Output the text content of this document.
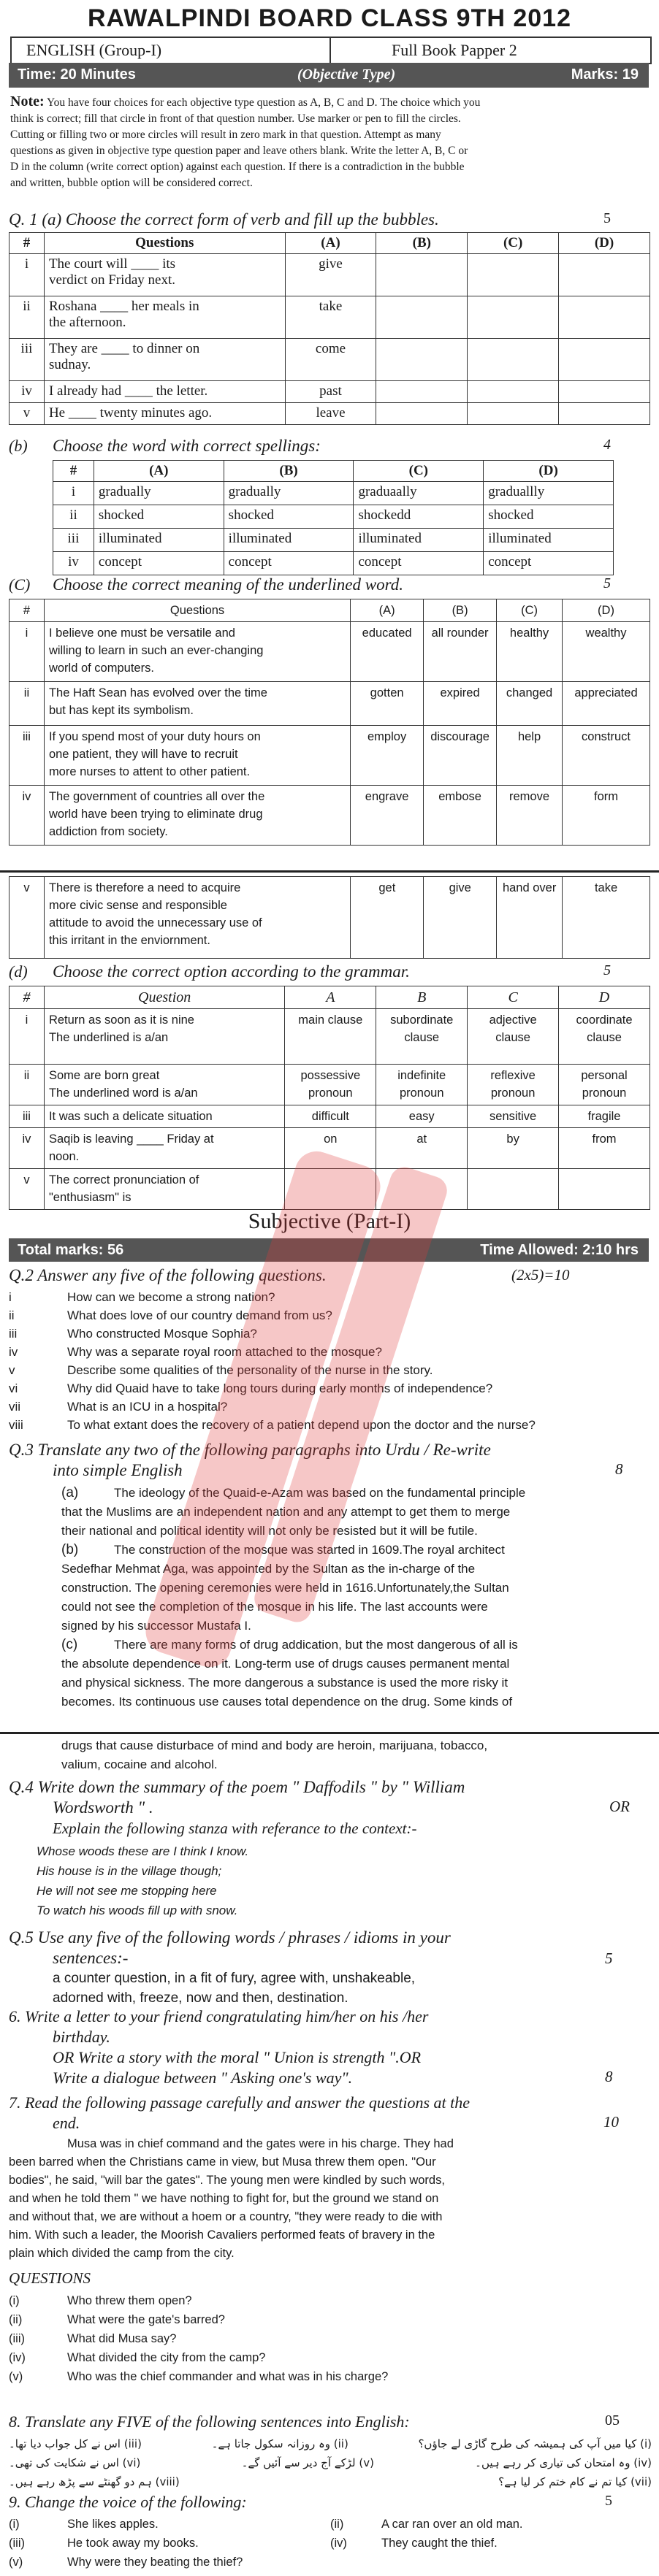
RAWALPINDI BOARD CLASS 9TH 2012
ENGLISH (Group-I)	Full Book Papper 2
Time: 20 Minutes	(Objective Type)	Marks: 19
Note: You have four choices for each objective type question as A, B, C and D. The choice which you
think is correct; fill that circle in front of that question number. Use marker or pen to fill the circles.
Cutting or filling two or more circles will result in zero mark in that question. Attempt as many
questions as given in objective type question paper and leave others blank. Write the letter A, B, C or
D in the column (write correct option) against each question. If there is a contradiction in the bubble
and written, bubble option will be considered correct.
Q. 1 (a) Choose the correct form of verb and fill up the bubbles.	5
#	Questions	(A)	(B)	(C)	(D)
i	The court will ____ its
verdict on Friday next.	give			
ii	Roshana ____ her meals in
the afternoon.	take			
iii	They are ____ to dinner on
sudnay.	come			
iv	I already had ____ the letter.	past			
v	He ____ twenty minutes ago.	leave			
(b) Choose the word with correct spellings:	4
#	(A)	(B)	(C)	(D)
i	gradually	gradually	graduaally	graduallly
ii	shocked	shocked	shockedd	shocked
iii	illuminated	illuminated	illuminated	illuminated
iv	concept	concept	concept	concept
(C) Choose the correct meaning of the underlined word.	5
#	Questions	(A)	(B)	(C)	(D)
i	I believe one must be versatile and
willing to learn in such an ever-changing
world of computers.	educated	all rounder	healthy	wealthy
ii	The Haft Sean has evolved over the time
but has kept its symbolism.	gotten	expired	changed	appreciated
iii	If you spend most of your duty hours on
one patient, they will have to recruit
more nurses to attent to other patient.	employ	discourage	help	construct
iv	The government of countries all over the
world have been trying to eliminate drug
addiction from society.	engrave	embose	remove	form
v	There is therefore a need to acquire
more civic sense and responsible
attitude to avoid the unnecessary use of
this irritant in the enviornment.
	get	give	hand over	take
(d) Choose the correct option according to the grammar.	5
#	Question	A	B	C	D
i	Return as soon as it is nine
The underlined is a/an	main clause	subordinate clause	adjective clause	coordinate clause
ii	Some are born great
The underlined word is a/an	possessive pronoun	indefinite pronoun	reflexive pronoun	personal pronoun
iii	It was such a delicate situation	difficult	easy	sensitive	fragile
iv	Saqib is leaving ____ Friday at
noon.	on	at	by	from
v	The correct pronunciation of
"enthusiasm" is				

Subjective (Part-I)
Total marks: 56	Time Allowed: 2:10 hrs
Q.2 Answer any five of the following questions.	(2x5)=10
i	How can we become a strong nation?
ii	What does love of our country demand from us?
iii	Who constructed Mosque Sophia?
iv	Why was a separate royal room attached to the mosque?
v	Describe some qualities of the personality of the nurse in the story.
vi	Why did Quaid have to take long tours during early months of independence?
vii	What is an ICU in a hospital?
viii	To what extant does the recovery of a patient depend upon the doctor and the nurse?
Q.3 Translate any two of the following paragraphs into Urdu / Re-write
into simple English	8
(a)	The ideology of the Quaid-e-Azam was based on the fundamental principle
that the Muslims are an independent nation and any attempt to get them to merge
their national and political identity will not only be resisted but it will be futile.
(b)	The construction of the mosque was started in 1609.The royal architect
Sedefhar Mehmat Aga, was appointed by the Sultan as the in-charge of the
construction. The opening ceremonies were held in 1616.Unfortunately,the Sultan
could not see the completion of the mosque in his life. The last accounts were
signed by his successor Mustafa I.
(c)	There are many forms of drug addication, but the most dangerous of all is
the absolute dependence on it. Long-term use of drugs causes permanent mental
and physical sickness. The more dangerous a substance is used the more risky it
becomes. Its continuous use causes total dependence on the drug. Some kinds of
drugs that cause disturbace of mind and body are heroin, marijuana, tobacco,
valium, cocaine and alcohol.
Q.4 Write down the summary of the poem " Daffodils " by " William
Wordsworth " .	OR
Explain the following stanza with referance to the context:-
Whose woods these are I think I know.
His house is in the village though;
He will not see me stopping here
To watch his woods fill up with snow.
Q.5 Use any five of the following words / phrases / idioms in your
sentences:-	5
a counter question, in a fit of fury, agree with, unshakeable,
adorned with, freeze, now and then, destination.
6. Write a letter to your friend congratulating him/her on his /her
birthday.
OR Write a story with the moral " Union is strength ".OR
Write a dialogue between " Asking one's way".	8
7. Read the following passage carefully and answer the questions at the
end.	10
Musa was in chief command and the gates were in his charge. They had
been barred when the Christians came in view, but Musa threw them open. "Our
bodies", he said, "will bar the gates". The young men were kindled by such words,
and when he told them " we have nothing to fight for, but the ground we stand on
and without that, we are without a hoem or a country, "they were ready to die with
him. With such a leader, the Moorish Cavaliers performed feats of bravery in the
plain which divided the camp from the city.
QUESTIONS
(i)	Who threw them open?
(ii)	What were the gate's barred?
(iii)	What did Musa say?
(iv)	What divided the city from the camp?
(v)	Who was the chief commander and what was in his charge?
8. Translate any FIVE of the following sentences into English:	05
(i) کیا میں آپ کی ہمیشہ کی طرح گاڑی لے جاؤں؟
(ii) وہ روزانہ سکول جاتا ہے۔
(iii) اس نے کل جواب دیا تھا۔
(iv) وہ امتحان کی تیاری کر رہے ہیں۔
(v) لڑکے آج دیر سے آئیں گے۔
(vi) اس نے شکایت کی تھی۔
(vii) کیا تم نے کام ختم کر لیا ہے؟
(viii) ہم دو گھنٹے سے پڑھ رہے ہیں۔
9. Change the voice of the following:	5
(i)	She likes apples.	(ii)	A car ran over an old man.
(iii)	He took away my books.	(iv)	They caught the thief.
(v)	Why were they beating the thief?
